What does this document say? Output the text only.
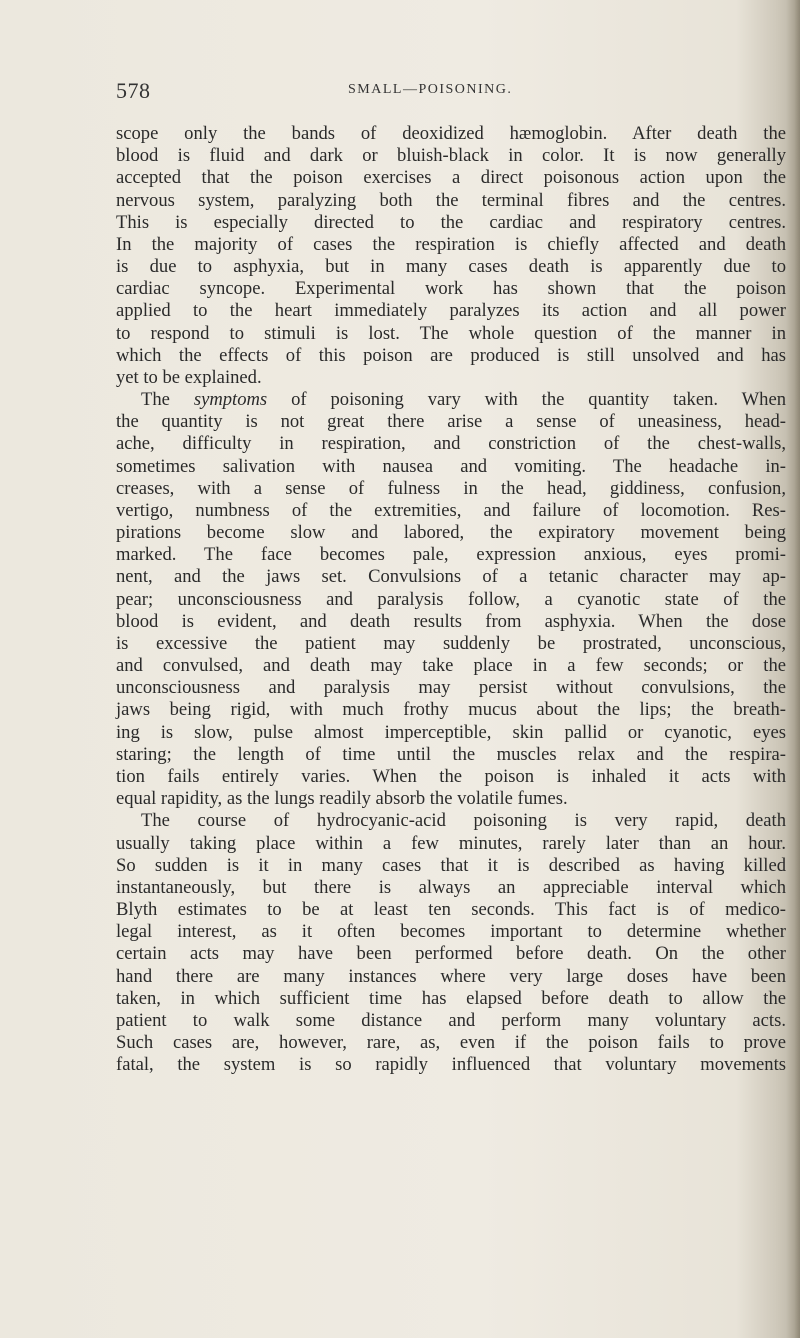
578	SMALL—POISONING.
scope only the bands of deoxidized hæmoglobin. After death the
blood is fluid and dark or bluish-black in color. It is now generally
accepted that the poison exercises a direct poisonous action upon the
nervous system, paralyzing both the terminal fibres and the centres.
This is especially directed to the cardiac and respiratory centres.
In the majority of cases the respiration is chiefly affected and death
is due to asphyxia, but in many cases death is apparently due to
cardiac syncope. Experimental work has shown that the poison
applied to the heart immediately paralyzes its action and all power
to respond to stimuli is lost. The whole question of the manner in
which the effects of this poison are produced is still unsolved and has
yet to be explained.
The symptoms of poisoning vary with the quantity taken. When
the quantity is not great there arise a sense of uneasiness, head-
ache, difficulty in respiration, and constriction of the chest-walls,
sometimes salivation with nausea and vomiting. The headache in-
creases, with a sense of fulness in the head, giddiness, confusion,
vertigo, numbness of the extremities, and failure of locomotion. Res-
pirations become slow and labored, the expiratory movement being
marked. The face becomes pale, expression anxious, eyes promi-
nent, and the jaws set. Convulsions of a tetanic character may ap-
pear; unconsciousness and paralysis follow, a cyanotic state of the
blood is evident, and death results from asphyxia. When the dose
is excessive the patient may suddenly be prostrated, unconscious,
and convulsed, and death may take place in a few seconds; or the
unconsciousness and paralysis may persist without convulsions, the
jaws being rigid, with much frothy mucus about the lips; the breath-
ing is slow, pulse almost imperceptible, skin pallid or cyanotic, eyes
staring; the length of time until the muscles relax and the respira-
tion fails entirely varies. When the poison is inhaled it acts with
equal rapidity, as the lungs readily absorb the volatile fumes.
The course of hydrocyanic-acid poisoning is very rapid, death
usually taking place within a few minutes, rarely later than an hour.
So sudden is it in many cases that it is described as having killed
instantaneously, but there is always an appreciable interval which
Blyth estimates to be at least ten seconds. This fact is of medico-
legal interest, as it often becomes important to determine whether
certain acts may have been performed before death. On the other
hand there are many instances where very large doses have been
taken, in which sufficient time has elapsed before death to allow the
patient to walk some distance and perform many voluntary acts.
Such cases are, however, rare, as, even if the poison fails to prove
fatal, the system is so rapidly influenced that voluntary movements
